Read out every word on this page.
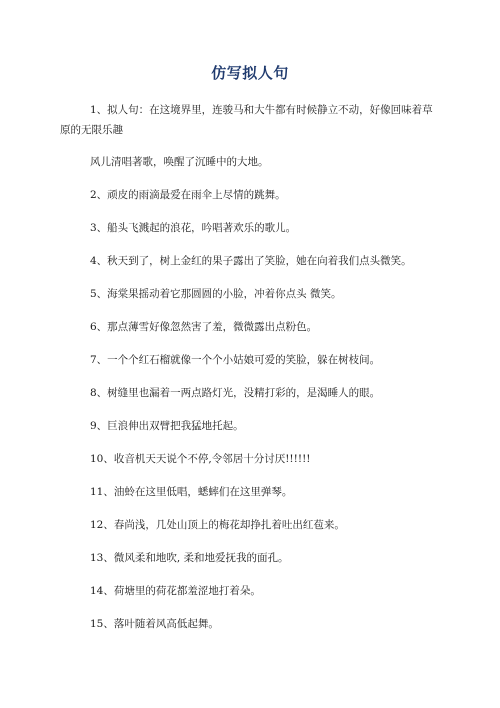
仿写拟人句
1、拟人句：在这境界里，连骏马和大牛都有时候静立不动，好像回味着草
原的无限乐趣
风儿清唱著歌，唤醒了沉睡中的大地。
2、顽皮的雨滴最爱在雨伞上尽情的跳舞。
3、船头飞溅起的浪花，吟唱著欢乐的歌儿。
4、秋天到了，树上金红的果子露出了笑脸，她在向着我们点头微笑。
5、海棠果摇动着它那圆圆的小脸，冲着你点头 微笑。
6、那点薄雪好像忽然害了羞，微微露出点粉色。
7、一个个红石榴就像一个个小姑娘可爱的笑脸，躲在树枝间。
8、树缝里也漏着一两点路灯光，没精打彩的，是渴睡人的眼。
9、巨浪伸出双臂把我猛地托起。
10、收音机天天说个不停,令邻居十分讨厌!!!!!!
11、油蛉在这里低唱，蟋蟀们在这里弹琴。
12、春尚浅，几处山顶上的梅花却挣扎着吐出红苞来。
13、微风柔和地吹, 柔和地爱抚我的面孔。
14、荷塘里的荷花都羞涩地打着朵。
15、落叶随着风高低起舞。
